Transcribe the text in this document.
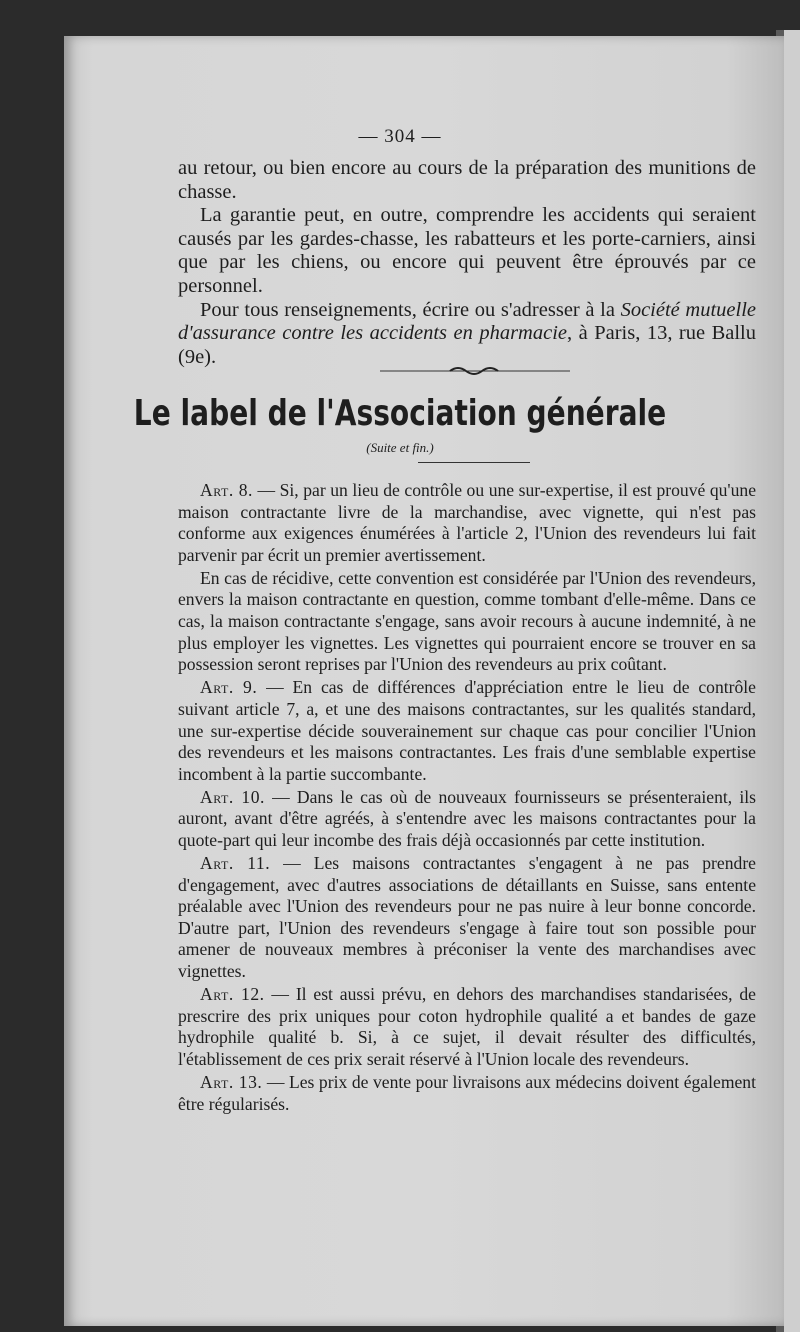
— 304 —

au retour, ou bien encore au cours de la préparation des munitions de chasse.

La garantie peut, en outre, comprendre les accidents qui seraient causés par les gardes-chasse, les rabatteurs et les porte-carniers, ainsi que par les chiens, ou encore qui peuvent être éprouvés par ce personnel.

Pour tous renseignements, écrire ou s'adresser à la Société mutuelle d'assurance contre les accidents en pharmacie, à Paris, 13, rue Ballu (9e).

Le label de l'Association générale
(Suite et fin.)

Art. 8. — Si, par un lieu de contrôle ou une sur-expertise, il est prouvé qu'une maison contractante livre de la marchandise, avec vignette, qui n'est pas conforme aux exigences énumérées à l'article 2, l'Union des revendeurs lui fait parvenir par écrit un premier avertissement.

En cas de récidive, cette convention est considérée par l'Union des revendeurs, envers la maison contractante en question, comme tombant d'elle-même. Dans ce cas, la maison contractante s'engage, sans avoir recours à aucune indemnité, à ne plus employer les vignettes. Les vignettes qui pourraient encore se trouver en sa possession seront reprises par l'Union des revendeurs au prix coûtant.

Art. 9. — En cas de différences d'appréciation entre le lieu de contrôle suivant article 7, a, et une des maisons contractantes, sur les qualités standard, une sur-expertise décide souverainement sur chaque cas pour concilier l'Union des revendeurs et les maisons contractantes. Les frais d'une semblable expertise incombent à la partie succombante.

Art. 10. — Dans le cas où de nouveaux fournisseurs se présenteraient, ils auront, avant d'être agréés, à s'entendre avec les maisons contractantes pour la quote-part qui leur incombe des frais déjà occasionnés par cette institution.

Art. 11. — Les maisons contractantes s'engagent à ne pas prendre d'engagement, avec d'autres associations de détaillants en Suisse, sans entente préalable avec l'Union des revendeurs pour ne pas nuire à leur bonne concorde. D'autre part, l'Union des revendeurs s'engage à faire tout son possible pour amener de nouveaux membres à préconiser la vente des marchandises avec vignettes.

Art. 12. — Il est aussi prévu, en dehors des marchandises standarisées, de prescrire des prix uniques pour coton hydrophile qualité a et bandes de gaze hydrophile qualité b. Si, à ce sujet, il devait résulter des difficultés, l'établissement de ces prix serait réservé à l'Union locale des revendeurs.

Art. 13. — Les prix de vente pour livraisons aux médecins doivent également être régularisés.
